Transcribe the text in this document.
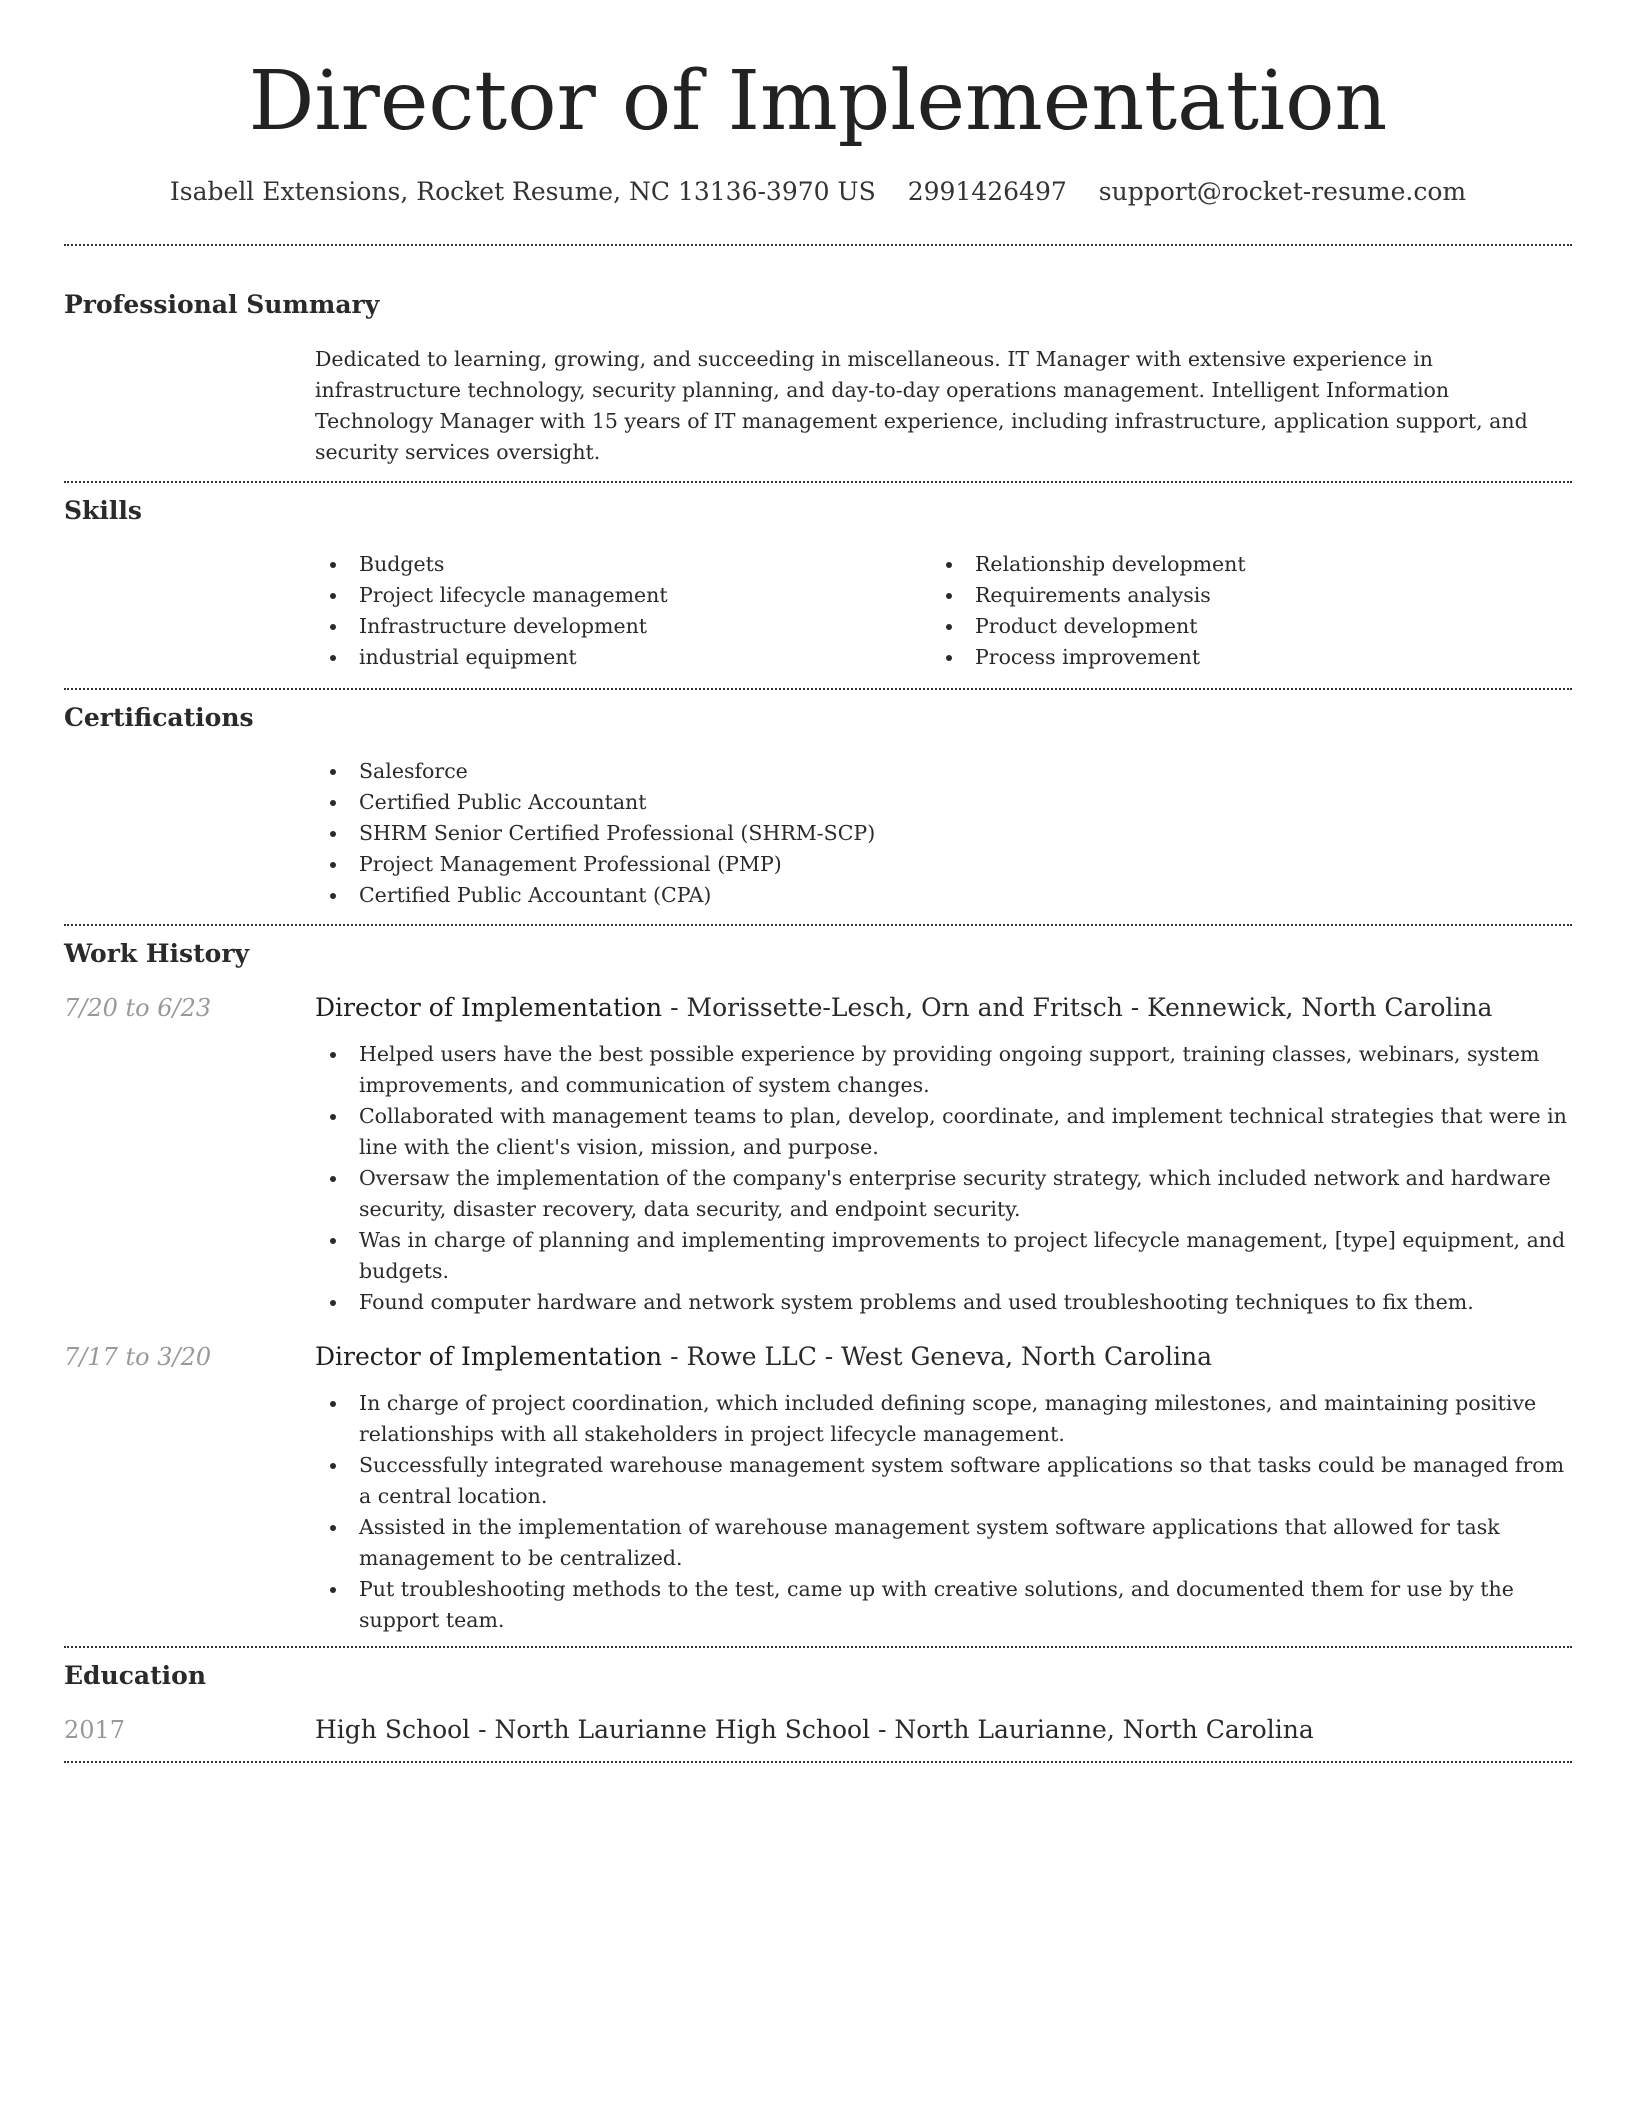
Director of Implementation
Isabell Extensions, Rocket Resume, NC 13136-3970 US 2991426497 support@rocket-resume.com
Professional Summary

Dedicated to learning, growing, and succeeding in miscellaneous. IT Manager with extensive experience in infrastructure technology, security planning, and day-to-day operations management. Intelligent Information Technology Manager with 15 years of IT management experience, including infrastructure, application support, and security services oversight.

Skills
Budgets
Project lifecycle management
Infrastructure development
industrial equipment
Relationship development
Requirements analysis
Product development
Process improvement
Certifications
Salesforce
Certified Public Accountant
SHRM Senior Certified Professional (SHRM-SCP)
Project Management Professional (PMP)
Certified Public Accountant (CPA)
Work History
7/20 to 6/23	Director of Implementation - Morissette-Lesch, Orn and Fritsch - Kennewick, North Carolina
Helped users have the best possible experience by providing ongoing support, training classes, webinars, system improvements, and communication of system changes.
Collaborated with management teams to plan, develop, coordinate, and implement technical strategies that were in line with the client's vision, mission, and purpose.
Oversaw the implementation of the company's enterprise security strategy, which included network and hardware security, disaster recovery, data security, and endpoint security.
Was in charge of planning and implementing improvements to project lifecycle management, [type] equipment, and budgets.
Found computer hardware and network system problems and used troubleshooting techniques to fix them.
7/17 to 3/20	Director of Implementation - Rowe LLC - West Geneva, North Carolina
In charge of project coordination, which included defining scope, managing milestones, and maintaining positive relationships with all stakeholders in project lifecycle management.
Successfully integrated warehouse management system software applications so that tasks could be managed from a central location.
Assisted in the implementation of warehouse management system software applications that allowed for task management to be centralized.
Put troubleshooting methods to the test, came up with creative solutions, and documented them for use by the support team.
Education
2017	High School - North Laurianne High School - North Laurianne, North Carolina
